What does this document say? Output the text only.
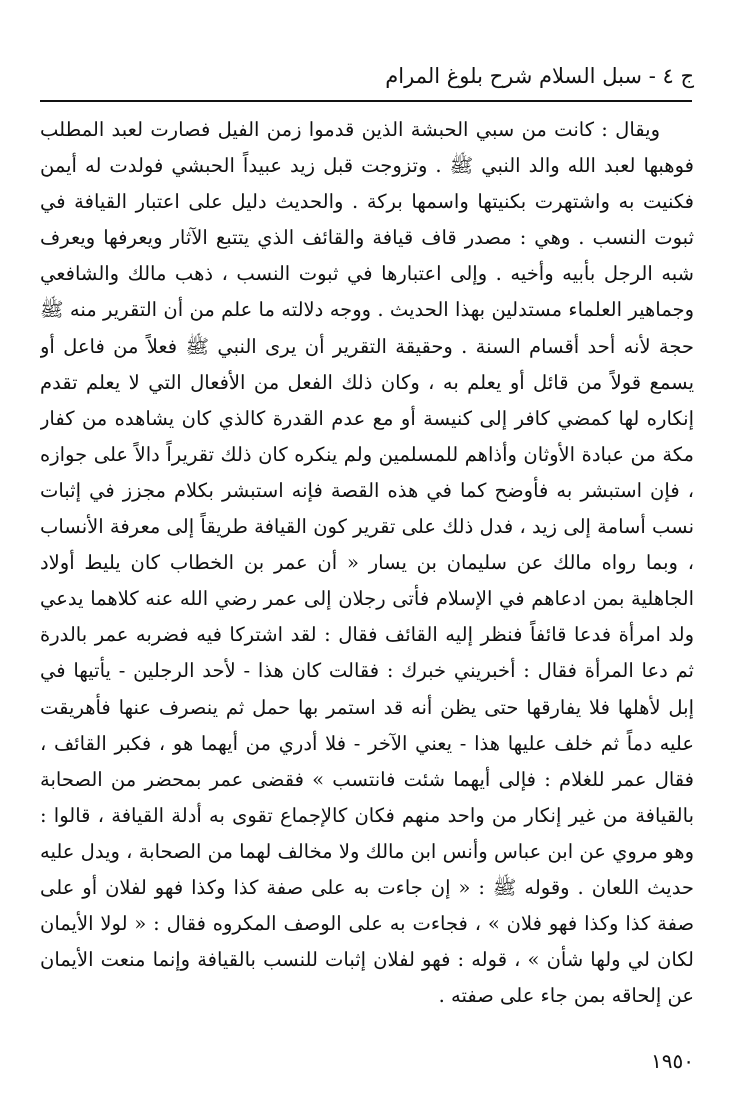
ج ٤ - سبل السلام شرح بلوغ المرام

ويقال : كانت من سبي الحبشة الذين قدموا زمن الفيل فصارت لعبد المطلب فوهبها لعبد الله والد النبي ﷺ . وتزوجت قبل زيد عبيداً الحبشي فولدت له أيمن فكنيت به واشتهرت بكنيتها واسمها بركة . والحديث دليل على اعتبار القيافة في ثبوت النسب . وهي : مصدر قاف قيافة والقائف الذي يتتبع الآثار ويعرفها ويعرف شبه الرجل بأبيه وأخيه . وإلى اعتبارها في ثبوت النسب ، ذهب مالك والشافعي وجماهير العلماء مستدلين بهذا الحديث . ووجه دلالته ما علم من أن التقرير منه ﷺ حجة لأنه أحد أقسام السنة . وحقيقة التقرير أن يرى النبي ﷺ فعلاً من فاعل أو يسمع قولاً من قائل أو يعلم به ، وكان ذلك الفعل من الأفعال التي لا يعلم تقدم إنكاره لها كمضي كافر إلى كنيسة أو مع عدم القدرة كالذي كان يشاهده من كفار مكة من عبادة الأوثان وأذاهم للمسلمين ولم ينكره كان ذلك تقريراً دالاً على جوازه ، فإن استبشر به فأوضح كما في هذه القصة فإنه استبشر بكلام مجزز في إثبات نسب أسامة إلى زيد ، فدل ذلك على تقرير كون القيافة طريقاً إلى معرفة الأنساب ، وبما رواه مالك عن سليمان بن يسار « أن عمر بن الخطاب كان يليط أولاد الجاهلية بمن ادعاهم في الإسلام فأتى رجلان إلى عمر رضي الله عنه كلاهما يدعي ولد امرأة فدعا قائفاً فنظر إليه القائف فقال : لقد اشتركا فيه فضربه عمر بالدرة ثم دعا المرأة فقال : أخبريني خبرك : فقالت كان هذا - لأحد الرجلين - يأتيها في إبل لأهلها فلا يفارقها حتى يظن أنه قد استمر بها حمل ثم ينصرف عنها فأهريقت عليه دماً ثم خلف عليها هذا - يعني الآخر - فلا أدري من أيهما هو ، فكبر القائف ، فقال عمر للغلام : فإلى أيهما شئت فانتسب » فقضى عمر بمحضر من الصحابة بالقيافة من غير إنكار من واحد منهم فكان كالإجماع تقوى به أدلة القيافة ، قالوا : وهو مروي عن ابن عباس وأنس ابن مالك ولا مخالف لهما من الصحابة ، ويدل عليه حديث اللعان . وقوله ﷺ : « إن جاءت به على صفة كذا وكذا فهو لفلان أو على صفة كذا وكذا فهو فلان » ، فجاءت به على الوصف المكروه فقال : « لولا الأيمان لكان لي ولها شأن » ، قوله : فهو لفلان إثبات للنسب بالقيافة وإنما منعت الأيمان عن إلحاقه بمن جاء على صفته .

١٩٥٠
